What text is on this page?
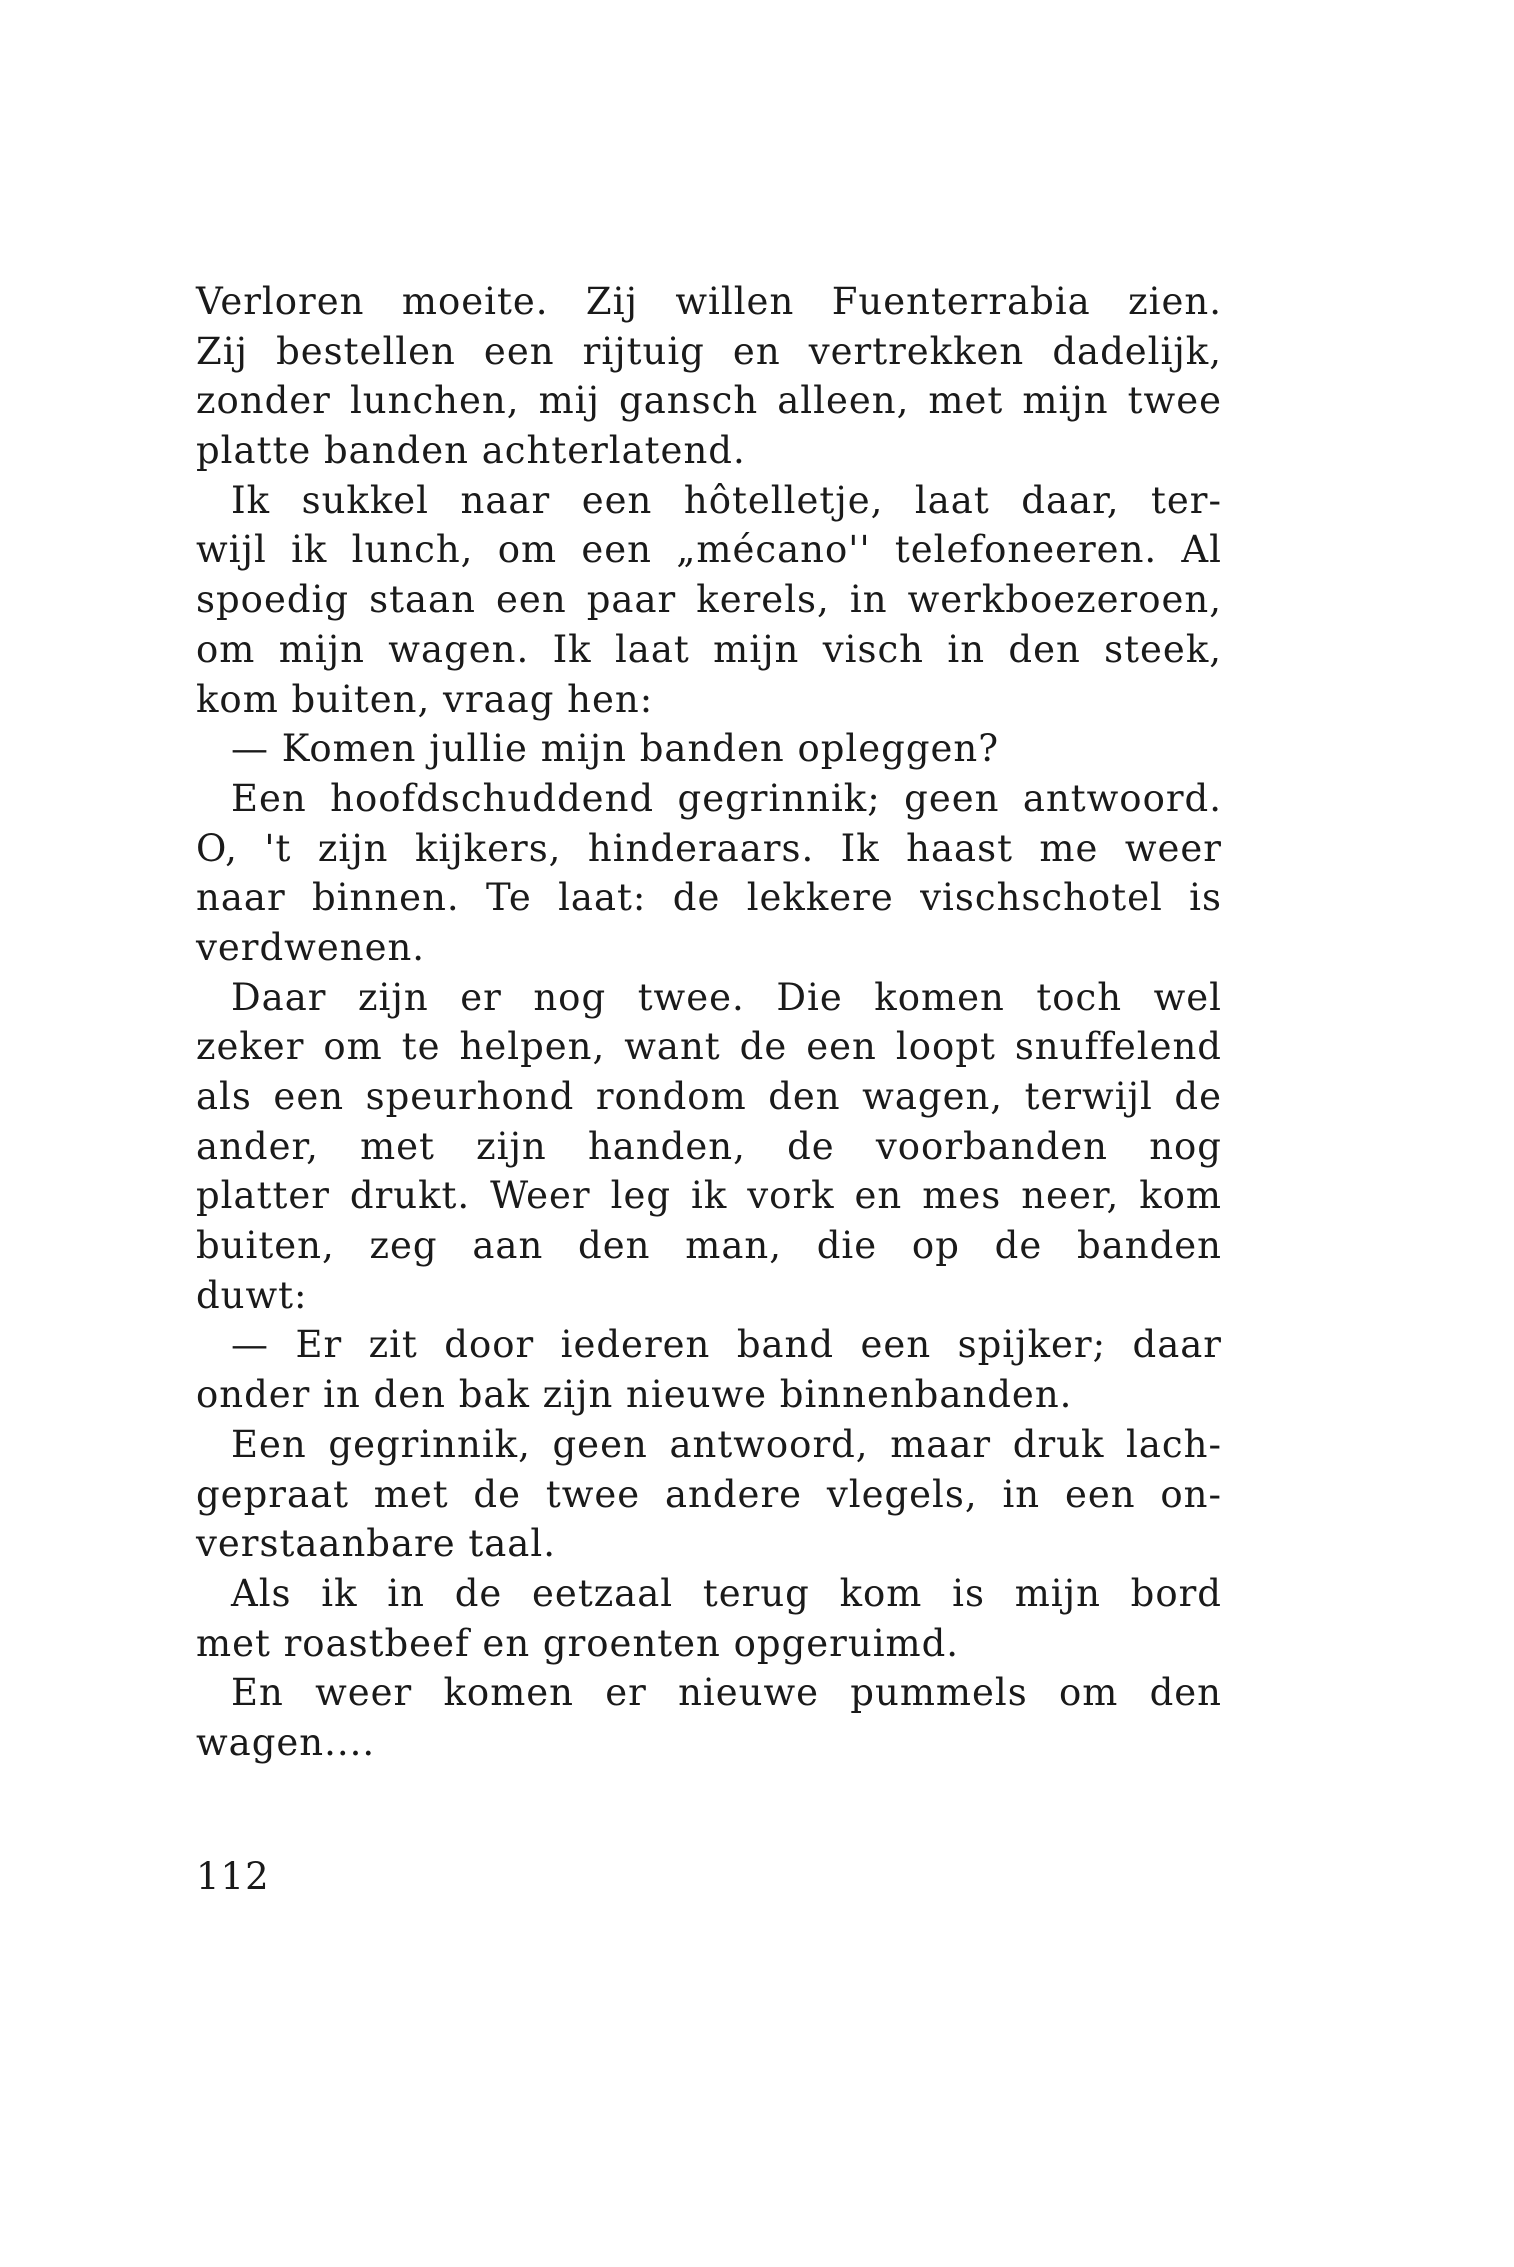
Verloren moeite. Zij willen Fuenterrabia zien.
Zij bestellen een rijtuig en vertrekken dadelijk,
zonder lunchen, mij gansch alleen, met mijn twee
platte banden achterlatend.
Ik sukkel naar een hôtelletje, laat daar, ter-
wijl ik lunch, om een „mécano'' telefoneeren. Al
spoedig staan een paar kerels, in werkboezeroen,
om mijn wagen. Ik laat mijn visch in den steek,
kom buiten, vraag hen:
— Komen jullie mijn banden opleggen?
Een hoofdschuddend gegrinnik; geen antwoord.
O, 't zijn kijkers, hinderaars. Ik haast me weer
naar binnen. Te laat: de lekkere vischschotel is
verdwenen.
Daar zijn er nog twee. Die komen toch wel
zeker om te helpen, want de een loopt snuffelend
als een speurhond rondom den wagen, terwijl de
ander, met zijn handen, de voorbanden nog
platter drukt. Weer leg ik vork en mes neer, kom
buiten, zeg aan den man, die op de banden
duwt:
— Er zit door iederen band een spijker; daar
onder in den bak zijn nieuwe binnenbanden.
Een gegrinnik, geen antwoord, maar druk lach-
gepraat met de twee andere vlegels, in een on-
verstaanbare taal.
Als ik in de eetzaal terug kom is mijn bord
met roastbeef en groenten opgeruimd.
En weer komen er nieuwe pummels om den
wagen....
112
